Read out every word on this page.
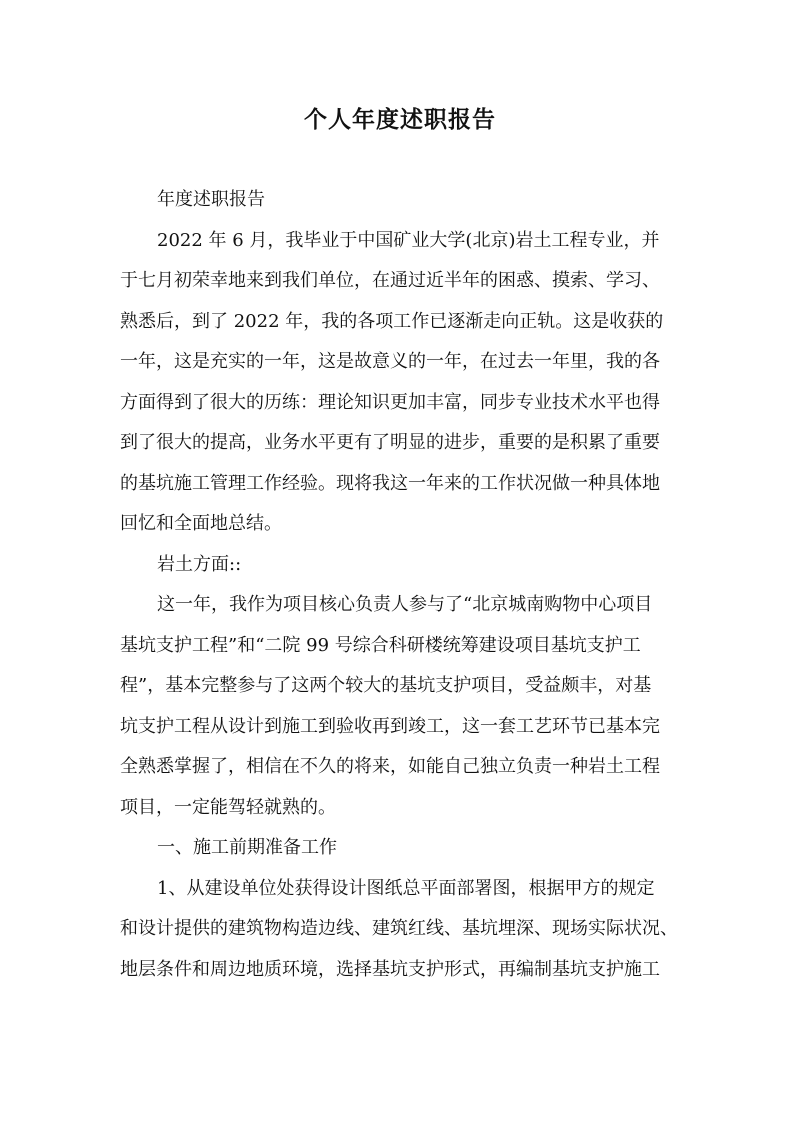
个人年度述职报告
年度述职报告
2022 年 6 月，我毕业于中国矿业大学(北京)岩土工程专业，并
于七月初荣幸地来到我们单位，在通过近半年的困惑、摸索、学习、
熟悉后，到了 2022 年，我的各项工作已逐渐走向正轨。这是收获的
一年，这是充实的一年，这是故意义的一年，在过去一年里，我的各
方面得到了很大的历练：理论知识更加丰富，同步专业技术水平也得
到了很大的提高，业务水平更有了明显的进步，重要的是积累了重要
的基坑施工管理工作经验。现将我这一年来的工作状况做一种具体地
回忆和全面地总结。
岩土方面::
这一年，我作为项目核心负责人参与了“北京城南购物中心项目
基坑支护工程”和“二院 99 号综合科研楼统筹建设项目基坑支护工
程”，基本完整参与了这两个较大的基坑支护项目，受益颇丰，对基
坑支护工程从设计到施工到验收再到竣工，这一套工艺环节已基本完
全熟悉掌握了，相信在不久的将来，如能自己独立负责一种岩土工程
项目，一定能驾轻就熟的。
一、施工前期准备工作
1、从建设单位处获得设计图纸总平面部署图，根据甲方的规定
和设计提供的建筑物构造边线、建筑红线、基坑埋深、现场实际状况、
地层条件和周边地质环境，选择基坑支护形式，再编制基坑支护施工
